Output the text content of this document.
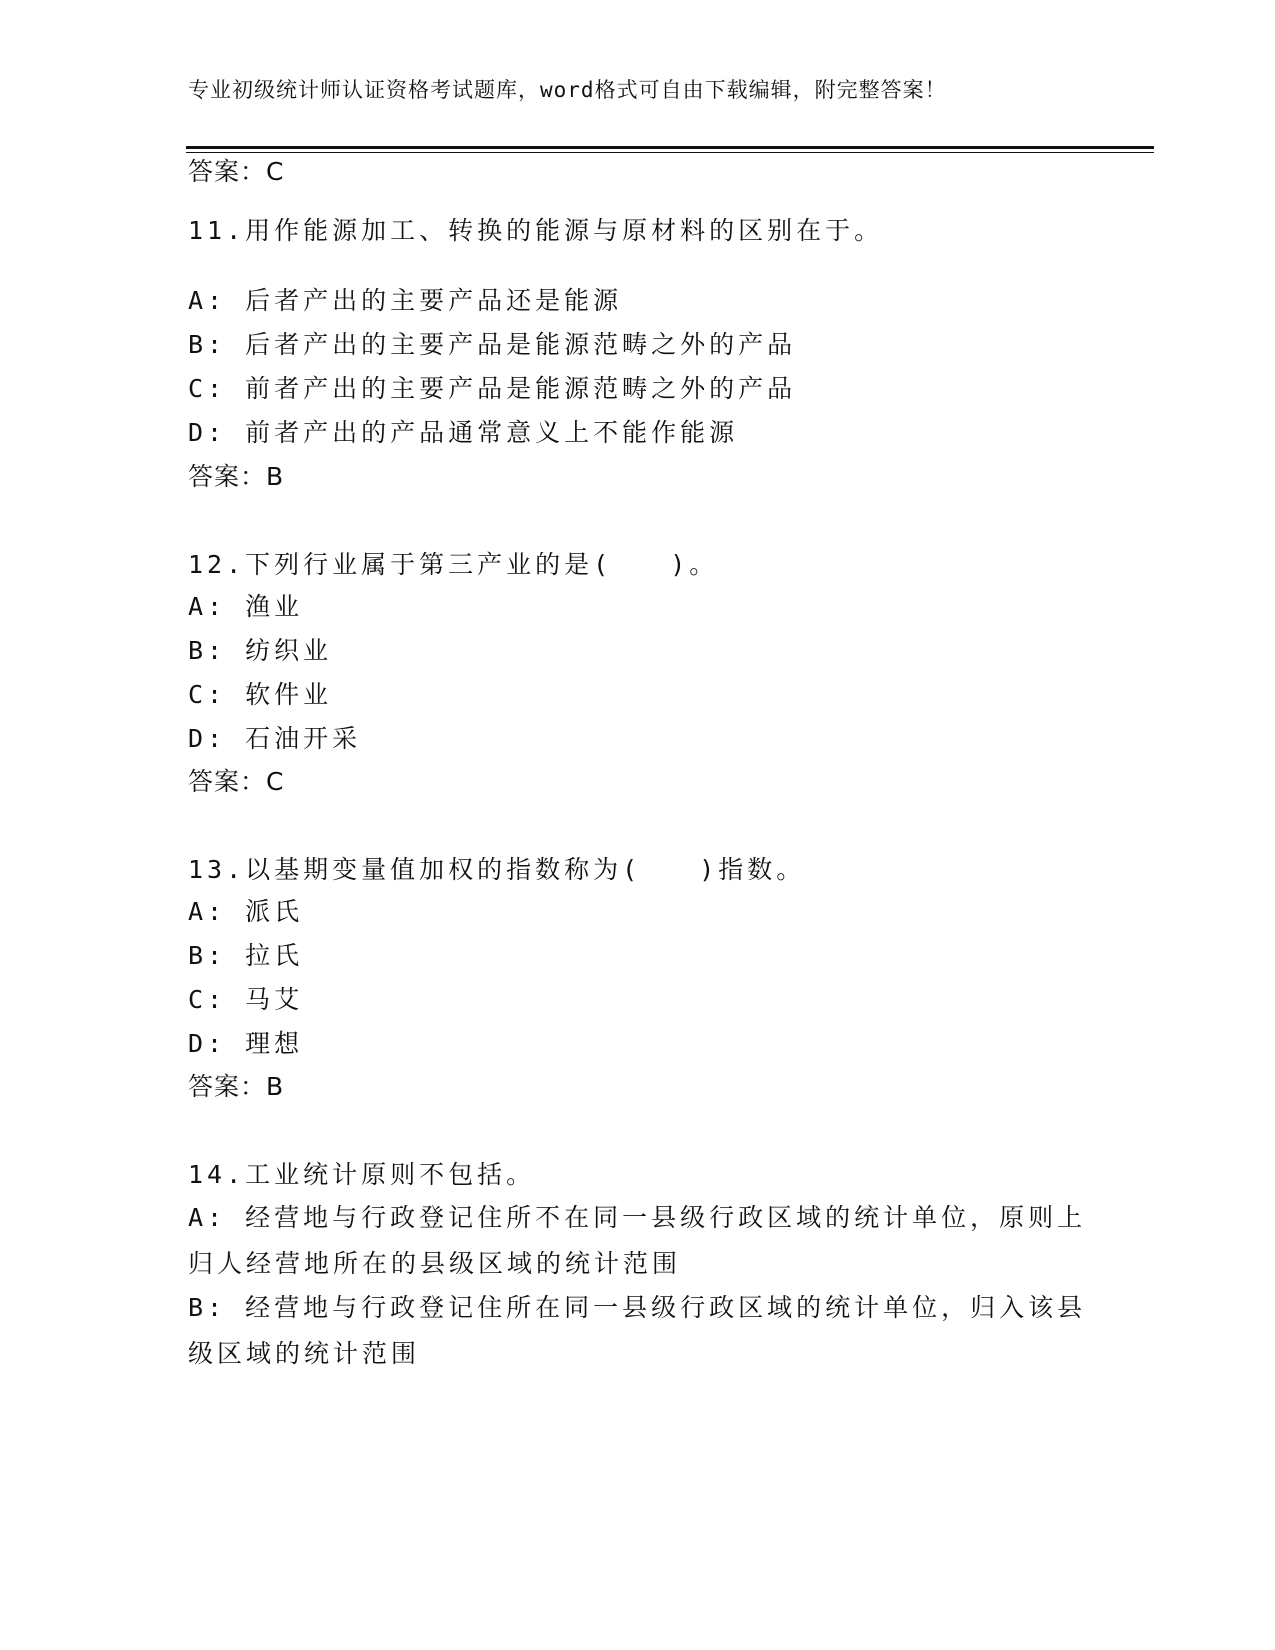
专业初级统计师认证资格考试题库，word格式可自由下载编辑，附完整答案！
答案：C
11.用作能源加工、转换的能源与原材料的区别在于。
A: 后者产出的主要产品还是能源
B: 后者产出的主要产品是能源范畴之外的产品
C: 前者产出的主要产品是能源范畴之外的产品
D: 前者产出的产品通常意义上不能作能源
答案：B
12.下列行业属于第三产业的是(　　)。
A: 渔业
B: 纺织业
C: 软件业
D: 石油开采
答案：C
13.以基期变量值加权的指数称为(　　)指数。
A: 派氏
B: 拉氏
C: 马艾
D: 理想
答案：B
14.工业统计原则不包括。
A: 经营地与行政登记住所不在同一县级行政区域的统计单位，原则上归人经营地所在的县级区域的统计范围
B: 经营地与行政登记住所在同一县级行政区域的统计单位，归入该县级区域的统计范围
